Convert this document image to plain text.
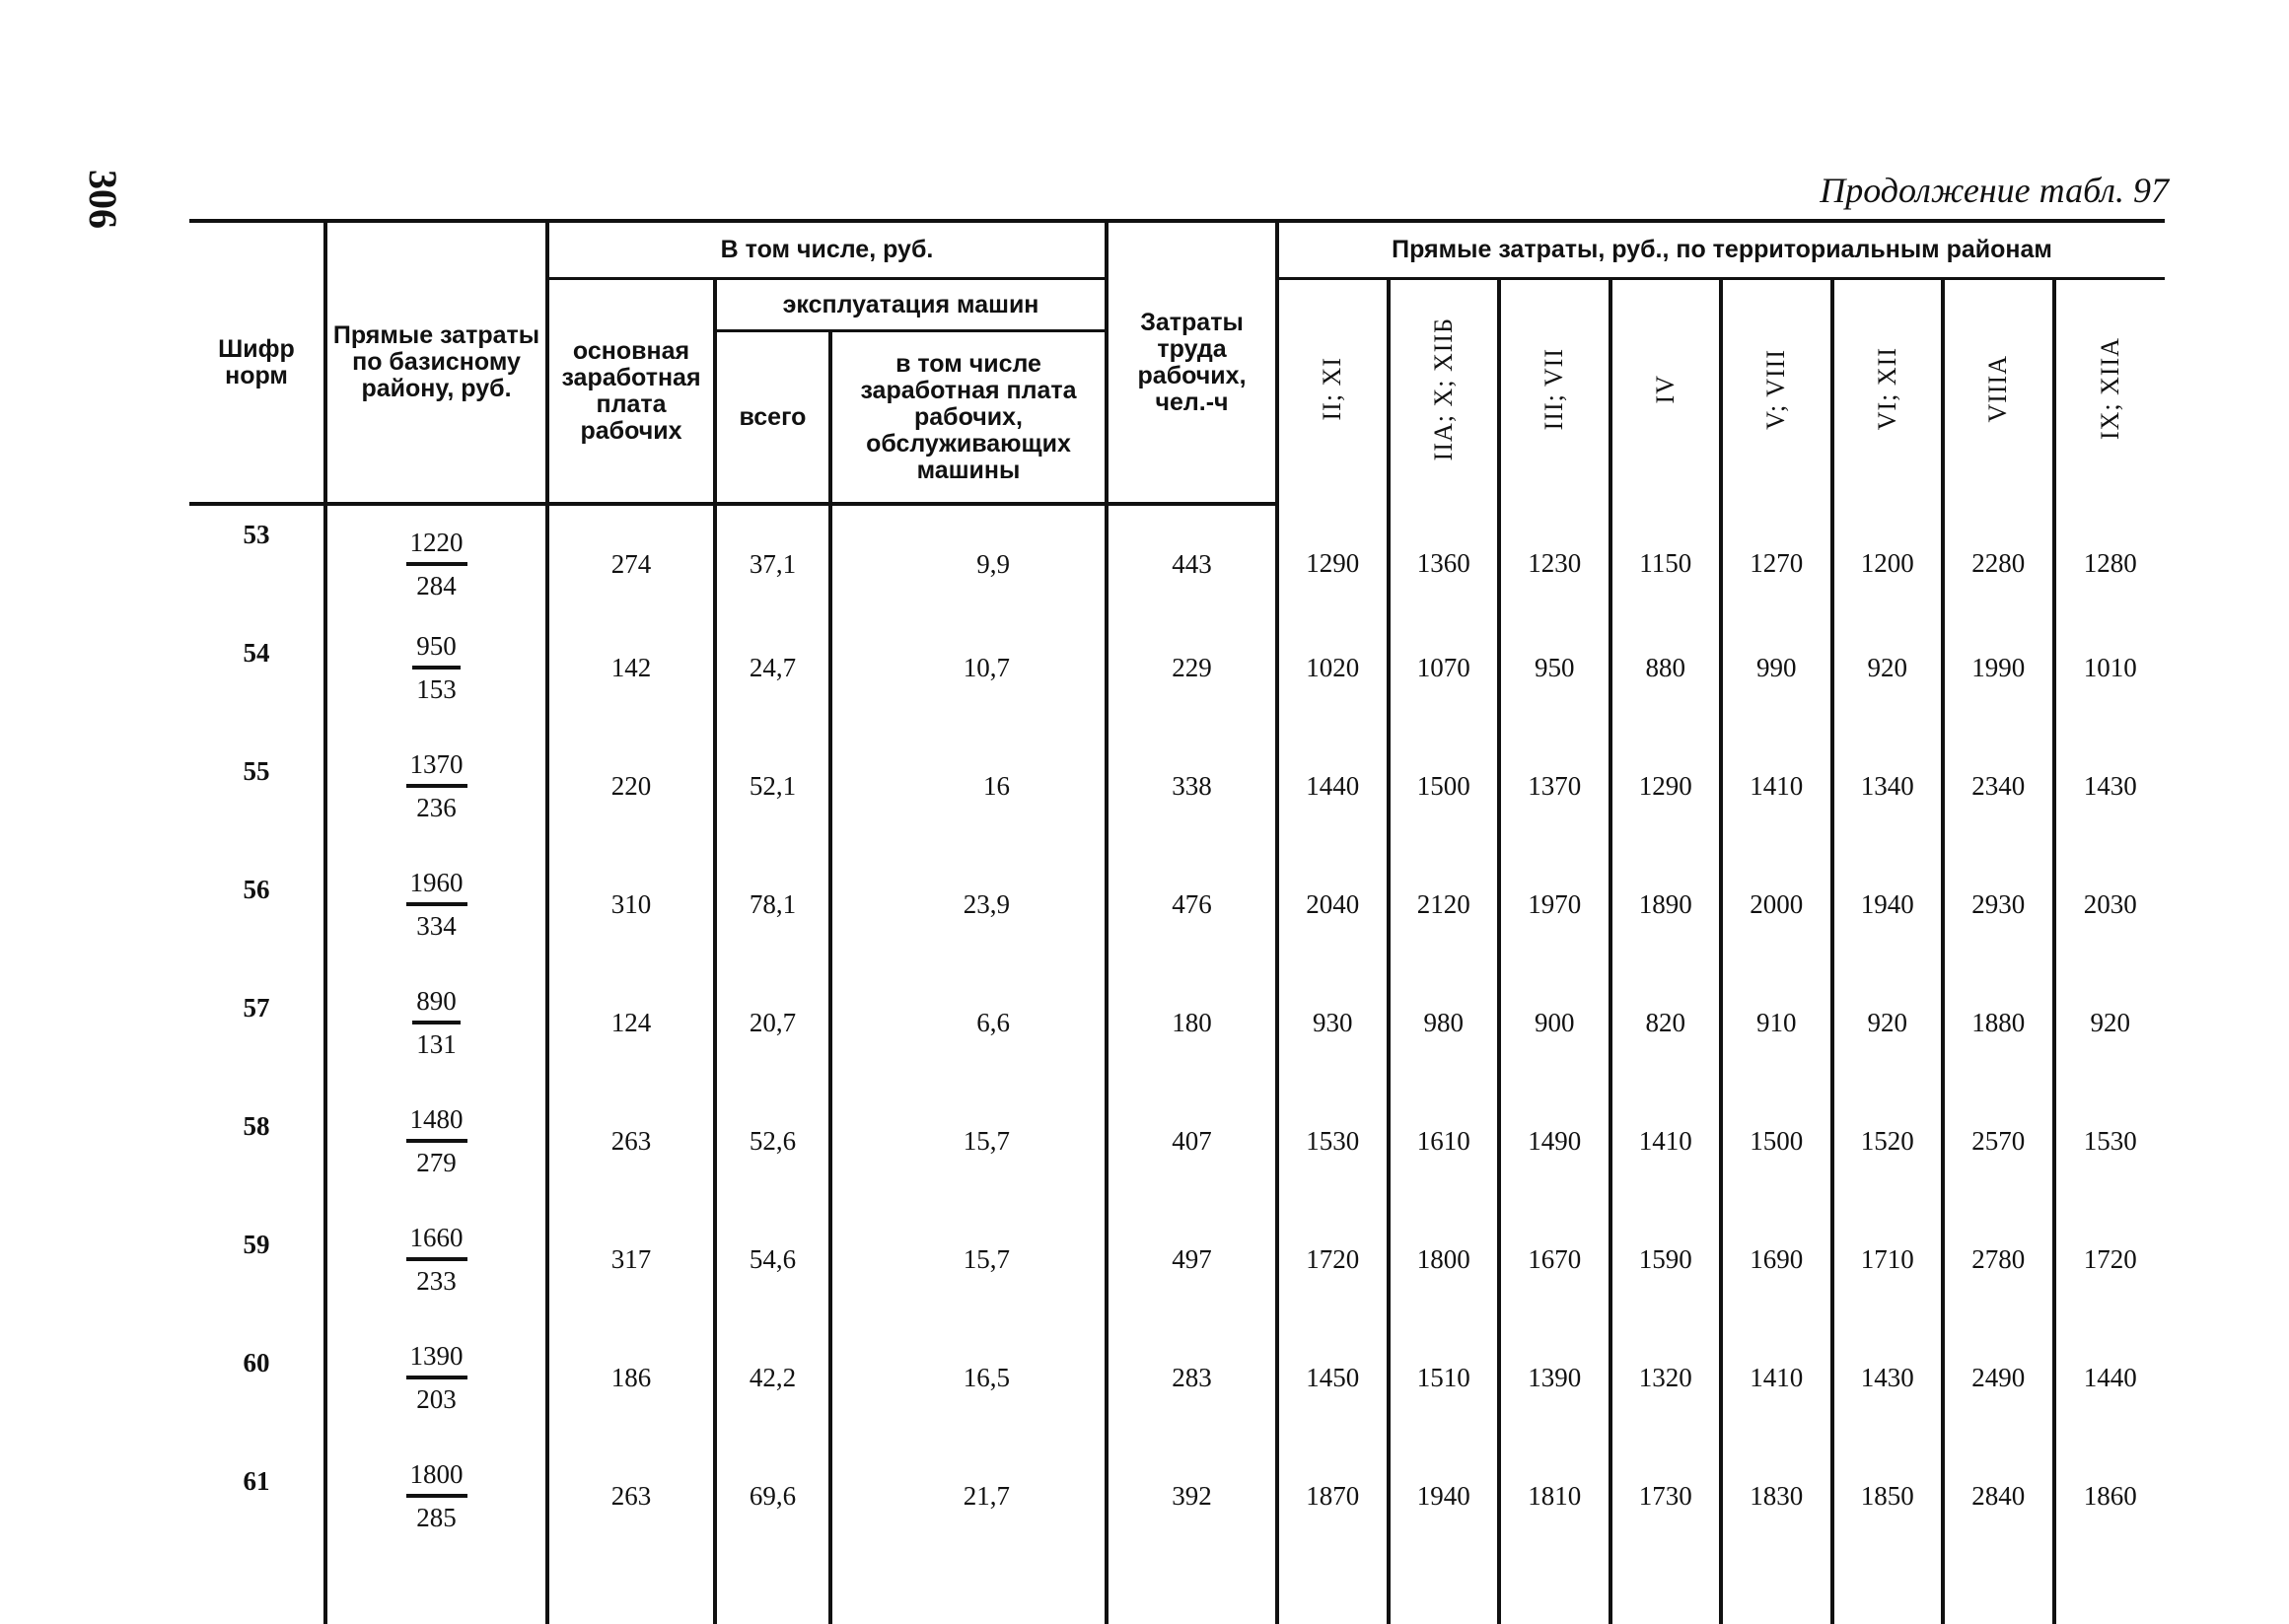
306	Продолжение табл. 97
Шифр норм	Прямые затраты по базисному району, руб.	В том числе, руб.			Затраты труда рабочих, чел.-ч	Прямые затраты, руб., по территориальным районам							
		основная заработная плата рабочих	эксплуатация машин			II; XI	IIA; X; XIIБ	III; VII	IV	V; VIII	VI; XII	VIIIA	IX; XIIA
			всего	в том числе заработная плата рабочих, обслуживающих машины									
53	$\frac{1220}{284}$	274	37,1	9,9	443	1290	1360	1230	1150	1270	1200	2280	1280
54	$\frac{950}{153}$	142	24,7	10,7	229	1020	1070	950	880	990	920	1990	1010
55	$\frac{1370}{236}$	220	52,1	16	338	1440	1500	1370	1290	1410	1340	2340	1430
56	$\frac{1960}{334}$	310	78,1	23,9	476	2040	2120	1970	1890	2000	1940	2930	2030
57	$\frac{890}{131}$	124	20,7	6,6	180	930	980	900	820	910	920	1880	920
58	$\frac{1480}{279}$	263	52,6	15,7	407	1530	1610	1490	1410	1500	1520	2570	1530
59	$\frac{1660}{233}$	317	54,6	15,7	497	1720	1800	1670	1590	1690	1710	2780	1720
60	$\frac{1390}{203}$	186	42,2	16,5	283	1450	1510	1390	1320	1410	1430	2490	1440
61	$\frac{1800}{285}$	263	69,6	21,7	392	1870	1940	1810	1730	1830	1850	2840	1860
